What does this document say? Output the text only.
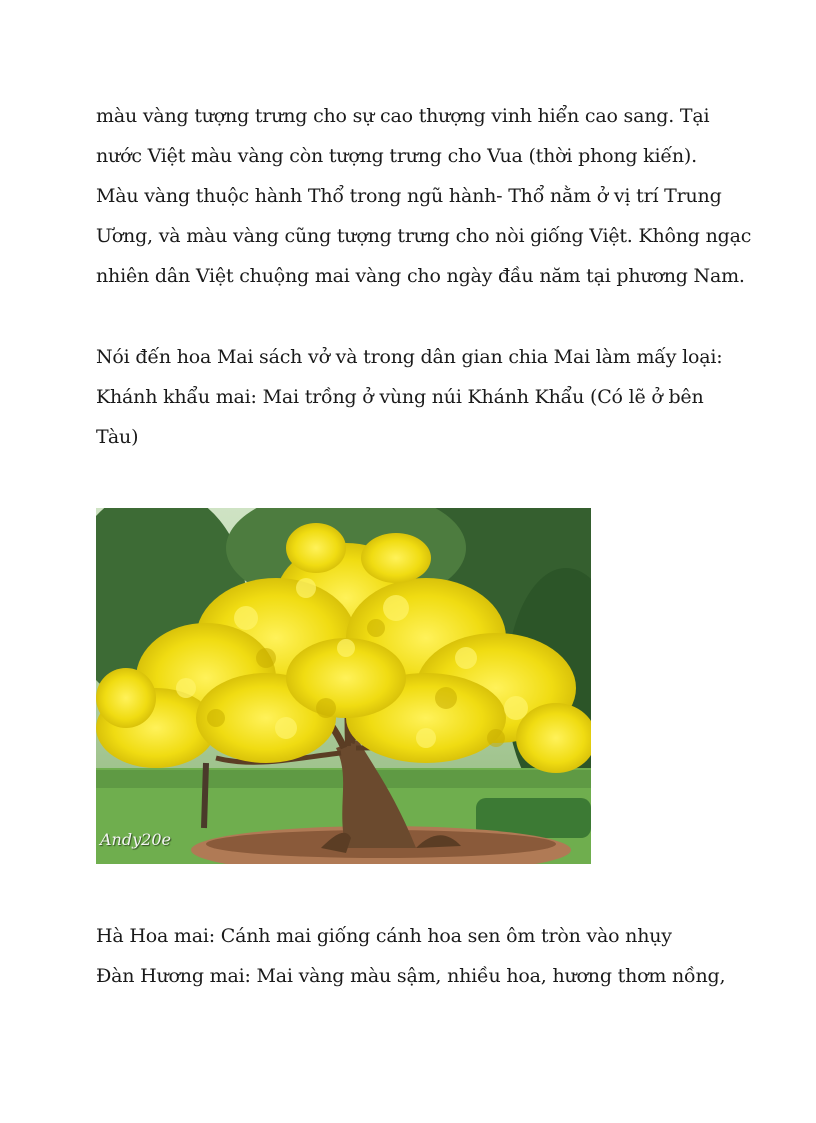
màu vàng tượng trưng cho sự cao thượng vinh hiển cao sang. Tại
nước Việt màu vàng còn tượng trưng cho Vua (thời phong kiến).
Màu vàng thuộc hành Thổ trong ngũ hành- Thổ nằm ở vị trí Trung
Ương, và màu vàng cũng tượng trưng cho nòi giống Việt. Không ngạc
nhiên dân Việt chuộng mai vàng cho ngày đầu năm tại phương Nam.
Nói đến hoa Mai sách vở và trong dân gian chia Mai làm mấy loại:
Khánh khẩu mai: Mai trồng ở vùng núi Khánh Khẩu (Có lẽ ở bên
Tàu)
Andy20e
Hà Hoa mai: Cánh mai giống cánh hoa sen ôm tròn vào nhụy
Đàn Hương mai: Mai vàng màu sậm, nhiều hoa, hương thơm nồng,
